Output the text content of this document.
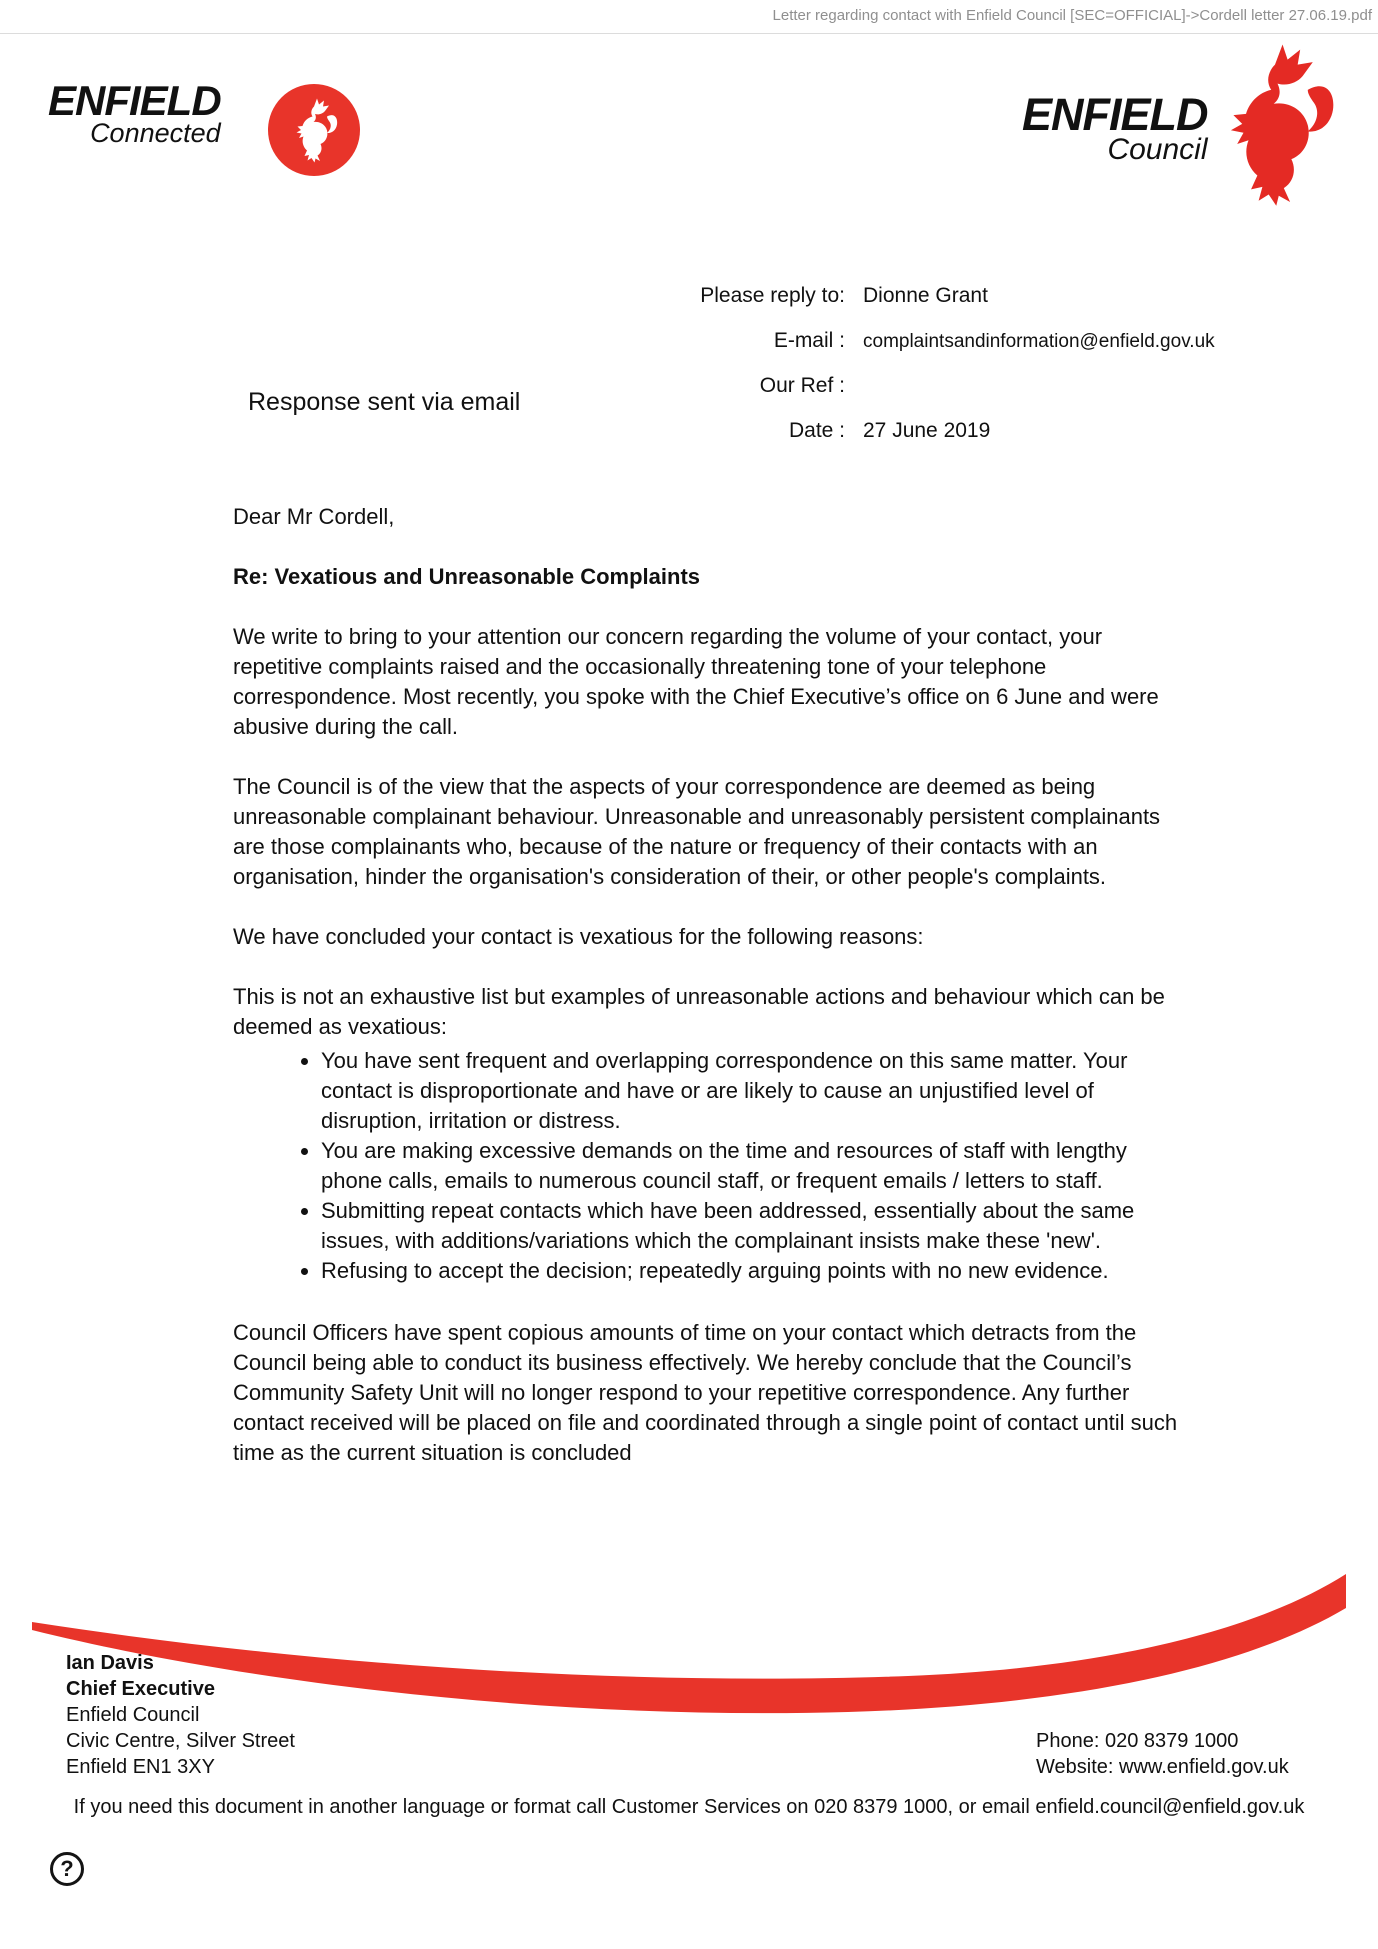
Letter regarding contact with Enfield Council [SEC=OFFICIAL]->Cordell letter 27.06.19.pdf
ENFIELD
Connected	ENFIELD
Council
Please reply to: Dionne Grant
E-mail : complaintsandinformation@enfield.gov.uk
Our Ref :
Date : 27 June 2019
Response sent via email

Dear Mr Cordell,

Re: Vexatious and Unreasonable Complaints

We write to bring to your attention our concern regarding the volume of your contact, your repetitive complaints raised and the occasionally threatening tone of your telephone correspondence. Most recently, you spoke with the Chief Executive’s office on 6 June and were abusive during the call.

The Council is of the view that the aspects of your correspondence are deemed as being unreasonable complainant behaviour. Unreasonable and unreasonably persistent complainants are those complainants who, because of the nature or frequency of their contacts with an organisation, hinder the organisation's consideration of their, or other people's complaints.

We have concluded your contact is vexatious for the following reasons:

This is not an exhaustive list but examples of unreasonable actions and behaviour which can be deemed as vexatious:

• You have sent frequent and overlapping correspondence on this same matter. Your contact is disproportionate and have or are likely to cause an unjustified level of disruption, irritation or distress.
• You are making excessive demands on the time and resources of staff with lengthy phone calls, emails to numerous council staff, or frequent emails / letters to staff.
• Submitting repeat contacts which have been addressed, essentially about the same issues, with additions/variations which the complainant insists make these 'new'.
• Refusing to accept the decision; repeatedly arguing points with no new evidence.

Council Officers have spent copious amounts of time on your contact which detracts from the Council being able to conduct its business effectively. We hereby conclude that the Council’s Community Safety Unit will no longer respond to your repetitive correspondence. Any further contact received will be placed on file and coordinated through a single point of contact until such time as the current situation is concluded

Ian Davis
Chief Executive
Enfield Council
Civic Centre, Silver Street
Enfield EN1 3XY
Phone: 020 8379 1000
Website: www.enfield.gov.uk
If you need this document in another language or format call Customer Services on 020 8379 1000, or email enfield.council@enfield.gov.uk
?
